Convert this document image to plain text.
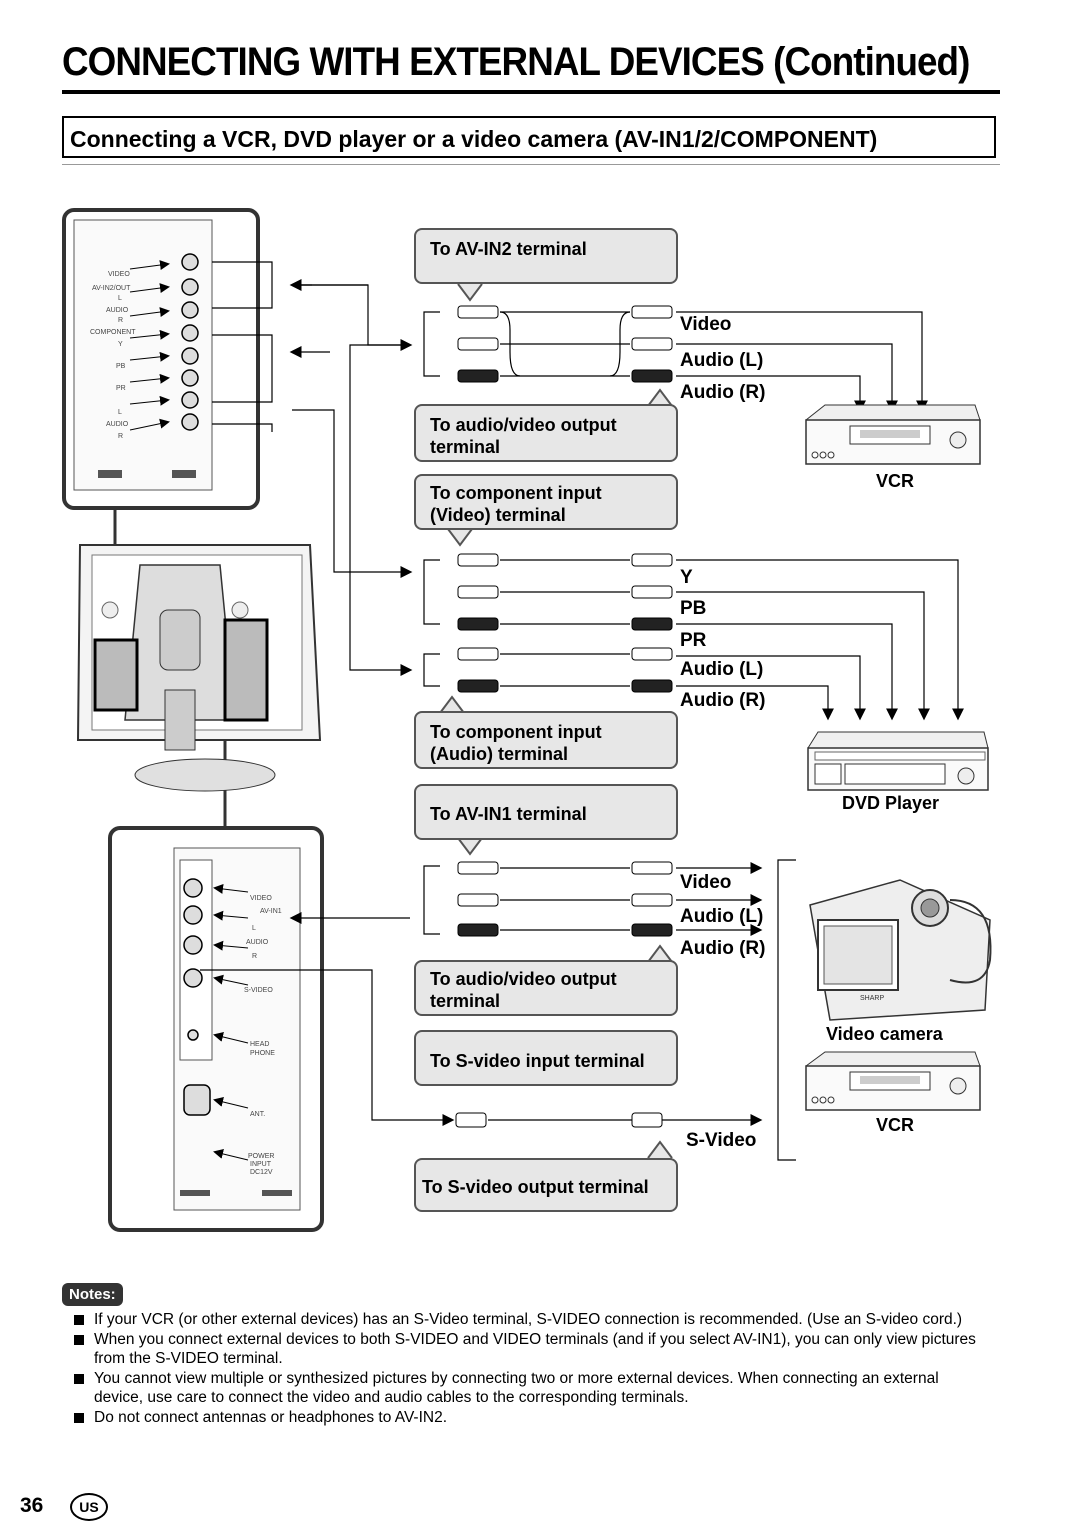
CONNECTING WITH EXTERNAL DEVICES (Continued)
Connecting a VCR, DVD player or a video camera (AV-IN1/2/COMPONENT)
VIDEO
AV-IN2/OUT
L
AUDIO
R
COMPONENT
Y
PB
PR
L
AUDIO
R
VIDEO
AV-IN1
L
AUDIO
R
S-VIDEO
HEAD
PHONE
ANT.
POWER
INPUT
DC12V
SHARP
To AV-IN2 terminal
To audio/video output terminal
To component input (Video) terminal
To component input (Audio) terminal
To AV-IN1 terminal
To audio/video output terminal
To S-video input terminal
To S-video output terminal
Video
Audio (L)
Audio (R)
Y
PB
PR
Audio (L)
Audio (R)
Video
Audio (L)
Audio (R)
S-Video
VCR
DVD Player
Video camera
VCR
Notes:
If your VCR (or other external devices) has an S-Video terminal, S-VIDEO connection is recommended. (Use an S-video cord.)
When you connect external devices to both S-VIDEO and VIDEO terminals (and if you select AV-IN1), you can only view pictures from the S-VIDEO terminal.
You cannot view multiple or synthesized pictures by connecting two or more external devices. When connecting an external device, use care to connect the video and audio cables to the corresponding terminals.
Do not connect antennas or headphones to AV-IN2.
36	US
